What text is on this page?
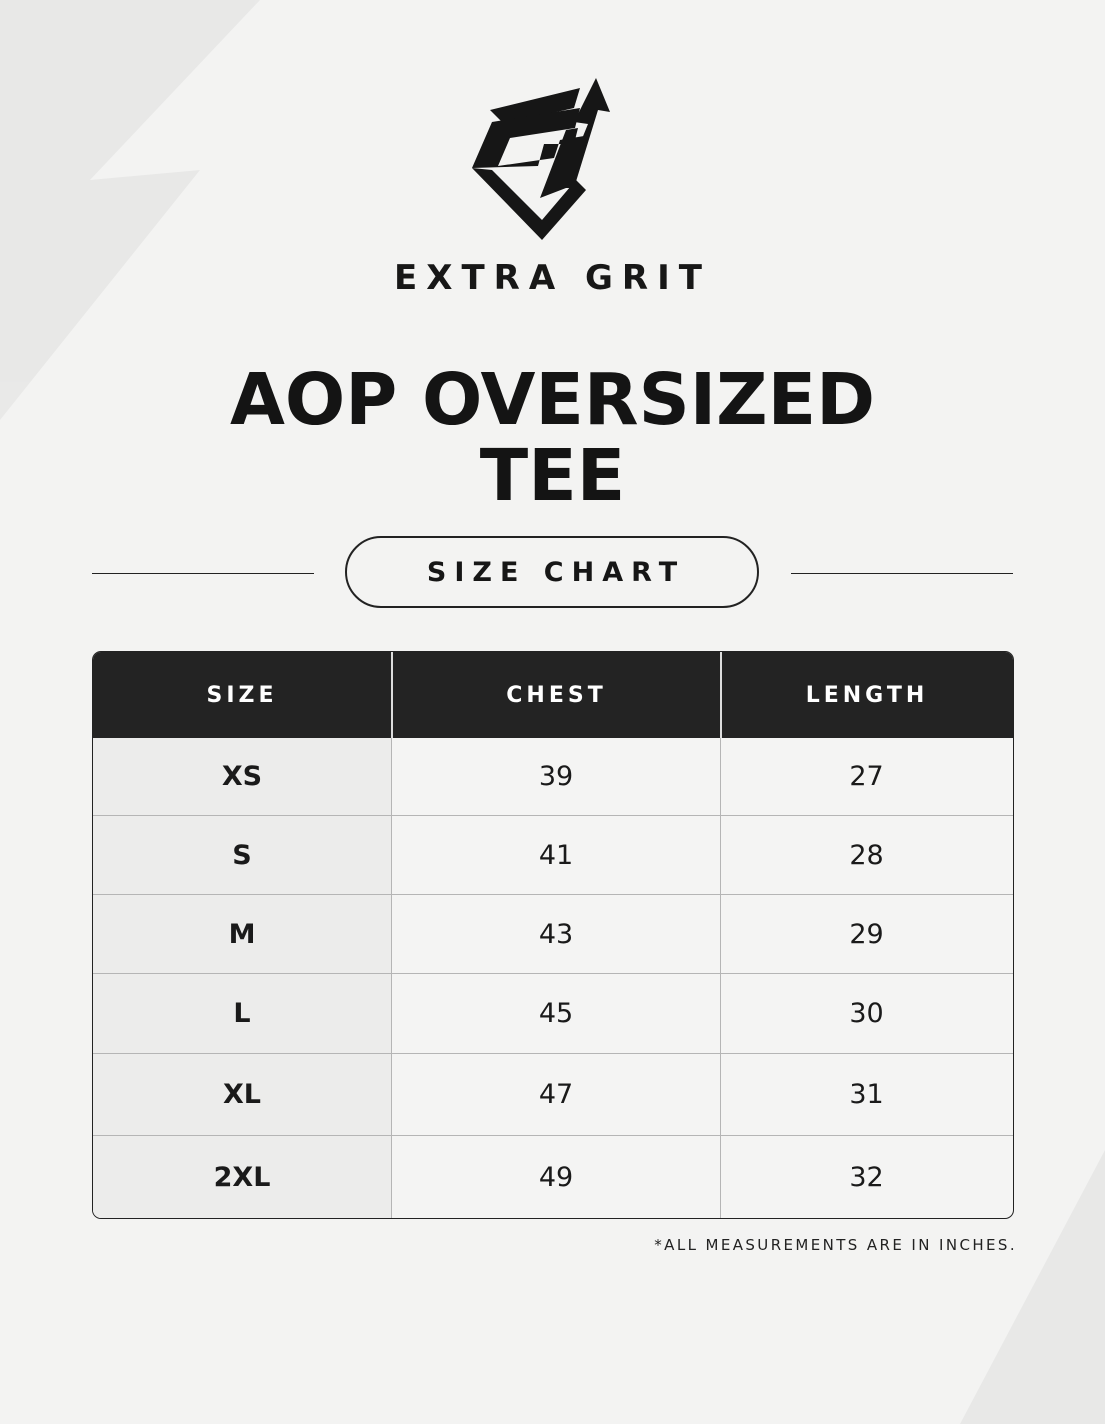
EXTRA GRIT
AOP OVERSIZED
TEE
SIZE CHART
SIZE	CHEST	LENGTH
XS	39	27
S	41	28
M	43	29
L	45	30
XL	47	31
2XL	49	32
*ALL MEASUREMENTS ARE IN INCHES.
